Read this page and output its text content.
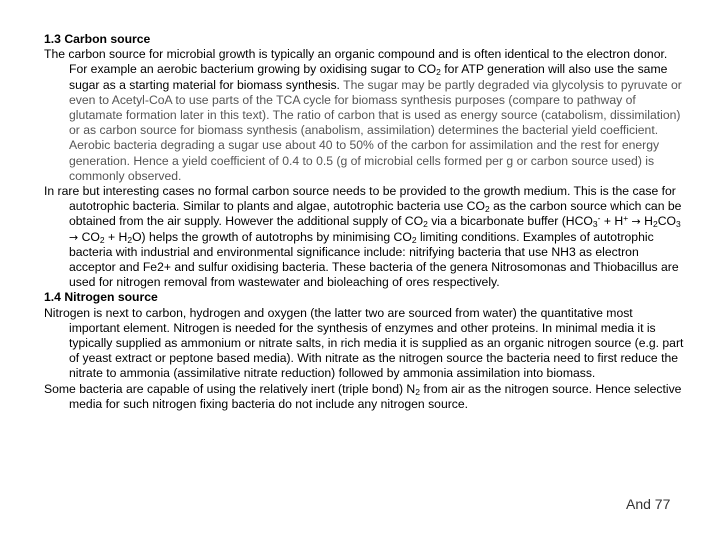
1.3 Carbon source

The carbon source for microbial growth is typically an organic compound and is often identical to the electron donor. For example an aerobic bacterium growing by oxidising sugar to $CO_2$ for ATP generation will also use the same sugar as a starting material for biomass synthesis. The sugar may be partly degraded via glycolysis to pyruvate or even to Acetyl-CoA to use parts of the TCA cycle for biomass synthesis purposes (compare to pathway of glutamate formation later in this text). The ratio of carbon that is used as energy source (catabolism, dissimilation) or as carbon source for biomass synthesis (anabolism, assimilation) determines the bacterial yield coefficient. Aerobic bacteria degrading a sugar use about 40 to 50% of the carbon for assimilation and the rest for energy generation. Hence a yield coefficient of 0.4 to 0.5 (g of microbial cells formed per g or carbon source used) is commonly observed.

In rare but interesting cases no formal carbon source needs to be provided to the growth medium. This is the case for autotrophic bacteria. Similar to plants and algae, autotrophic bacteria use $CO_2$ as the carbon source which can be obtained from the air supply. However the additional supply of $CO_2$ via a bicarbonate buffer $(HCO_3^- + H^+ \to H_2CO_3 \to CO_2 + H_2O)$ helps the growth of autotrophs by minimising $CO_2$ limiting conditions. Examples of autotrophic bacteria with industrial and environmental significance include: nitrifying bacteria that use NH3 as electron acceptor and Fe2+ and sulfur oxidising bacteria. These bacteria of the genera Nitrosomonas and Thiobacillus are used for nitrogen removal from wastewater and bioleaching of ores respectively.

1.4 Nitrogen source

Nitrogen is next to carbon, hydrogen and oxygen (the latter two are sourced from water) the quantitative most important element. Nitrogen is needed for the synthesis of enzymes and other proteins. In minimal media it is typically supplied as ammonium or nitrate salts, in rich media it is supplied as an organic nitrogen source (e.g. part of yeast extract or peptone based media). With nitrate as the nitrogen source the bacteria need to first reduce the nitrate to ammonia (assimilative nitrate reduction) followed by ammonia assimilation into biomass.

Some bacteria are capable of using the relatively inert (triple bond) $N_2$ from air as the nitrogen source. Hence selective media for such nitrogen fixing bacteria do not include any nitrogen source.

And 77
